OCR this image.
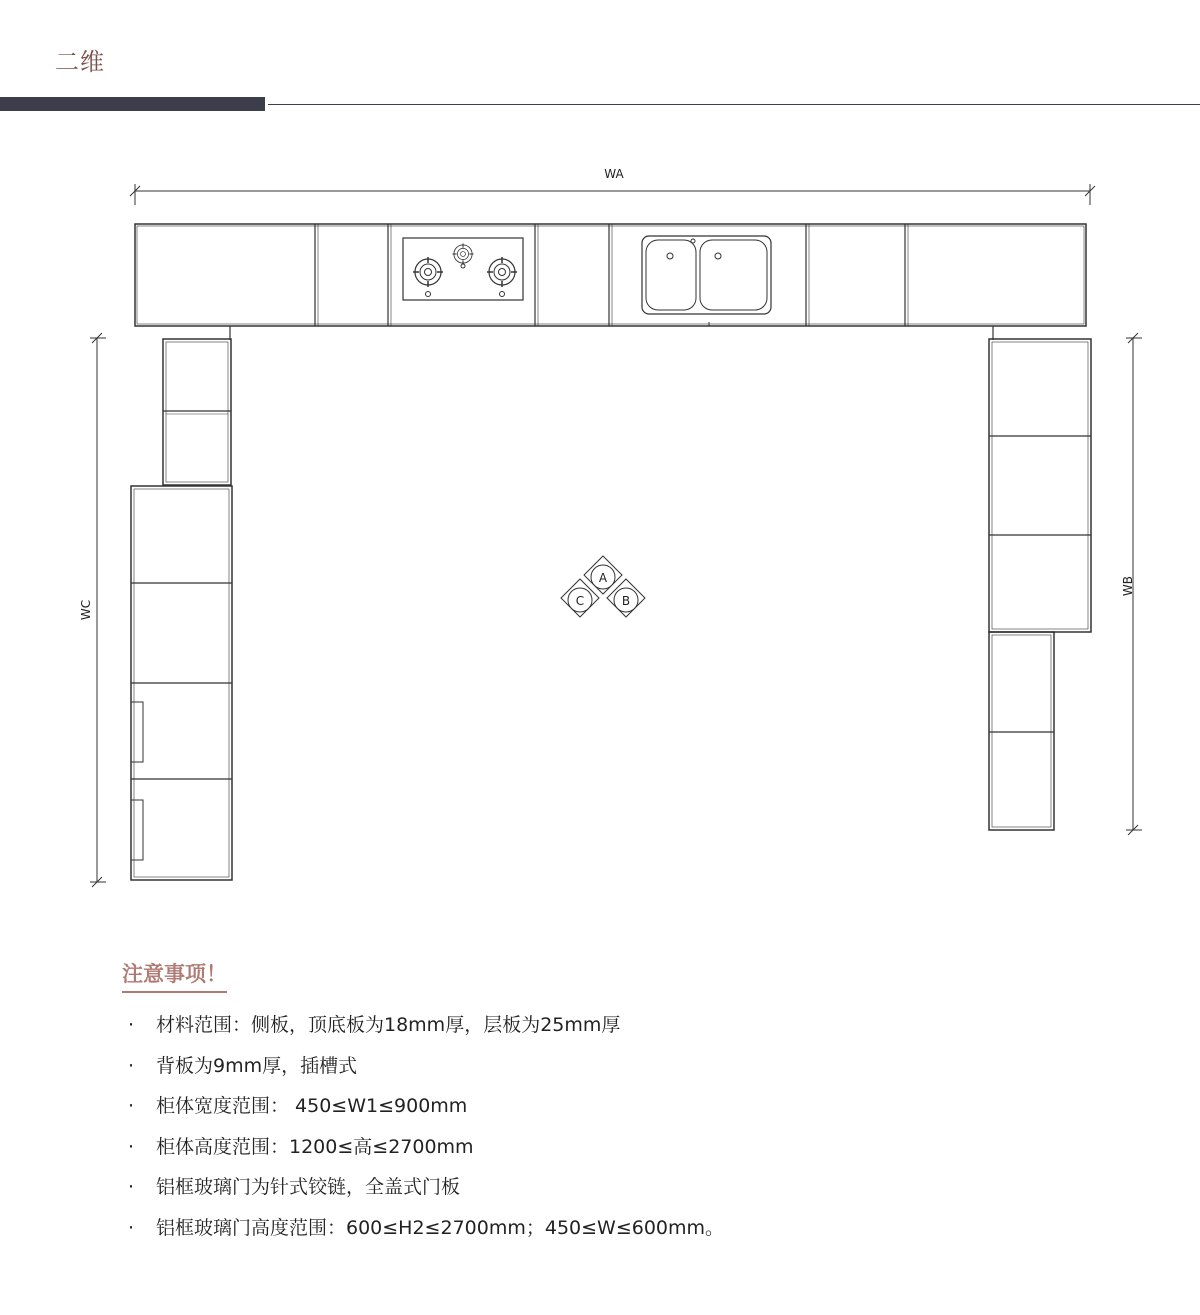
二维
WA
WC
WB
A
C	B
注意事项！
· 材料范围：侧板，顶底板为18mm厚，层板为25mm厚
· 背板为9mm厚，插槽式
· 柜体宽度范围： 450≤W1≤900mm
· 柜体高度范围：1200≤高≤2700mm
· 铝框玻璃门为针式铰链，全盖式门板
· 铝框玻璃门高度范围：600≤H2≤2700mm；450≤W≤600mm。
